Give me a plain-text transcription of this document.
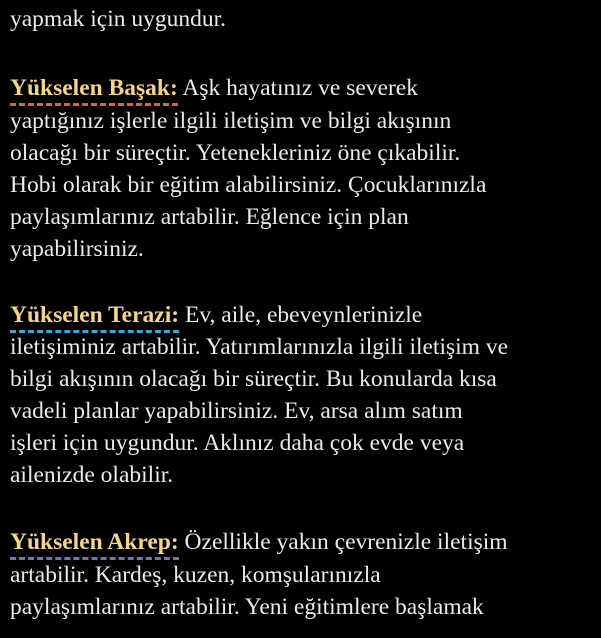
yapmak için uygundur.
Yükselen Başak:
Aşk hayatınız ve severek
yaptığınız işlerle ilgili iletişim ve bilgi akışının
olacağı bir süreçtir. Yetenekleriniz öne çıkabilir.
Hobi olarak bir eğitim alabilirsiniz. Çocuklarınızla
paylaşımlarınız artabilir. Eğlence için plan
yapabilirsiniz.
Yükselen Terazi:
Ev, aile, ebeveynlerinizle
iletişiminiz artabilir. Yatırımlarınızla ilgili iletişim ve
bilgi akışının olacağı bir süreçtir. Bu konularda kısa
vadeli planlar yapabilirsiniz. Ev, arsa alım satım
işleri için uygundur. Aklınız daha çok evde veya
ailenizde olabilir.
Yükselen Akrep:
Özellikle yakın çevrenizle iletişim
artabilir. Kardeş, kuzen, komşularınızla
paylaşımlarınız artabilir. Yeni eğitimlere başlamak
